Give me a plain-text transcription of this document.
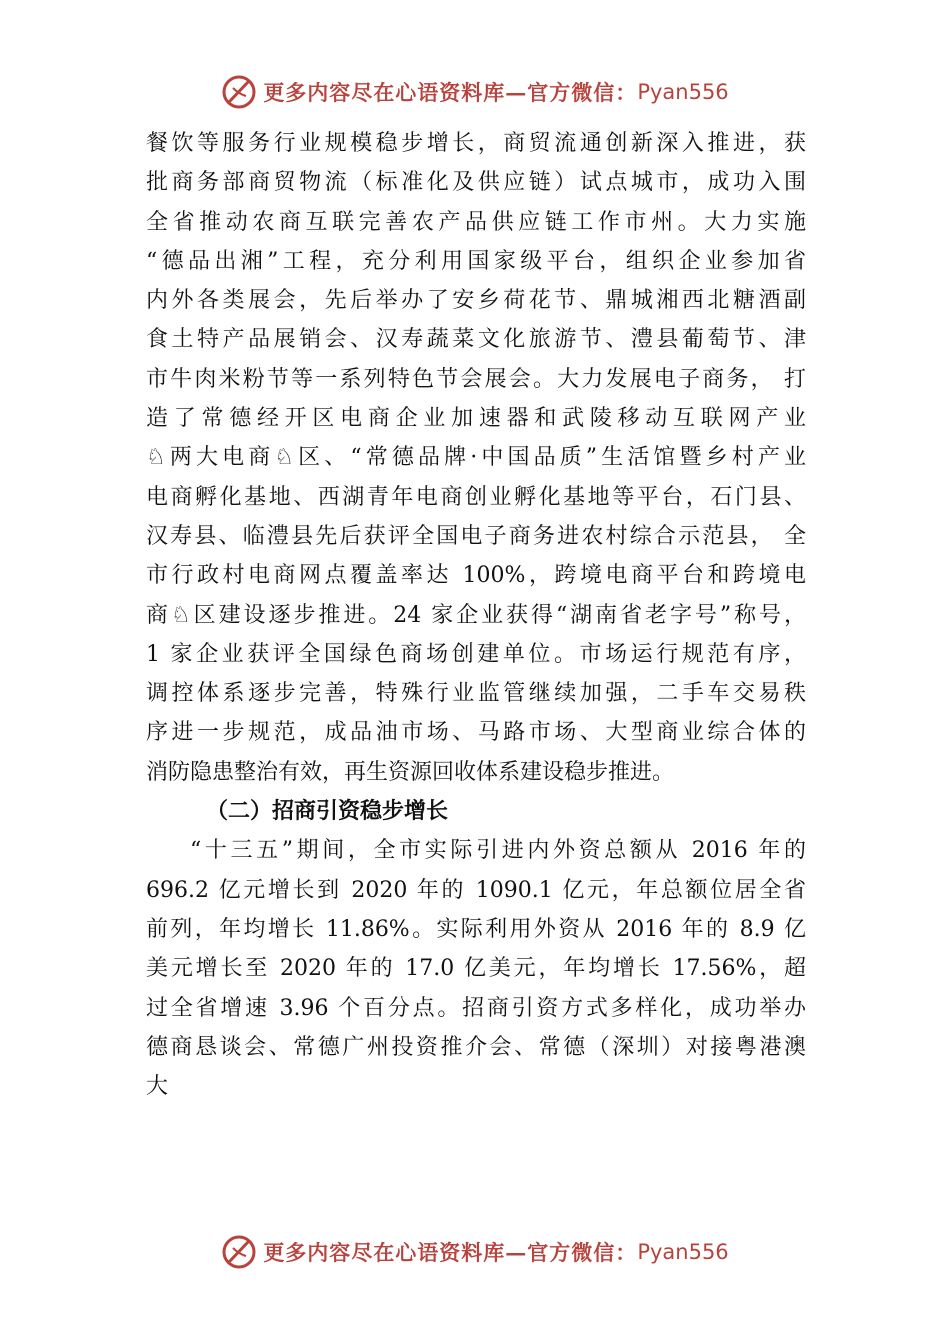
更多内容尽在心语资料库—官方微信： Pyan556
餐饮等服务行业规模稳步增长，商贸流通创新深入推进，获
批商务部商贸物流（标准化及供应链）试点城市，成功入围
全省推动农商互联完善农产品供应链工作市州。大力实施
“德品出湘”工程，充分利用国家级平台，组织企业参加省
内外各类展会，先后举办了安乡荷花节、鼎城湘西北糖酒副
食土特产品展销会、汉寿蔬菜文化旅游节、澧县葡萄节、津
市牛肉米粉节等一系列特色节会展会。大力发展电子商务， 打
造了常德经开区电商企业加速器和武陵移动互联网产业
♘两大电商♘区、“常德品牌·中国品质”生活馆暨乡村产业
电商孵化基地、西湖青年电商创业孵化基地等平台，石门县、
汉寿县、临澧县先后获评全国电子商务进农村综合示范县， 全
市行政村电商网点覆盖率达 100%，跨境电商平台和跨境电
商♘区建设逐步推进。24 家企业获得“湖南省老字号”称号，
1 家企业获评全国绿色商场创建单位。市场运行规范有序，
调控体系逐步完善，特殊行业监管继续加强，二手车交易秩
序进一步规范，成品油市场、马路市场、大型商业综合体的
消防隐患整治有效，再生资源回收体系建设稳步推进。
（二）招商引资稳步增长
“十三五”期间，全市实际引进内外资总额从 2016 年的
696.2 亿元增长到 2020 年的 1090.1 亿元，年总额位居全省
前列，年均增长 11.86%。实际利用外资从 2016 年的 8.9 亿
美元增长至 2020 年的 17.0 亿美元，年均增长 17.56%，超
过全省增速 3.96 个百分点。招商引资方式多样化，成功举办
德商恳谈会、常德广州投资推介会、常德（深圳）对接粤港澳
大
更多内容尽在心语资料库—官方微信： Pyan556
